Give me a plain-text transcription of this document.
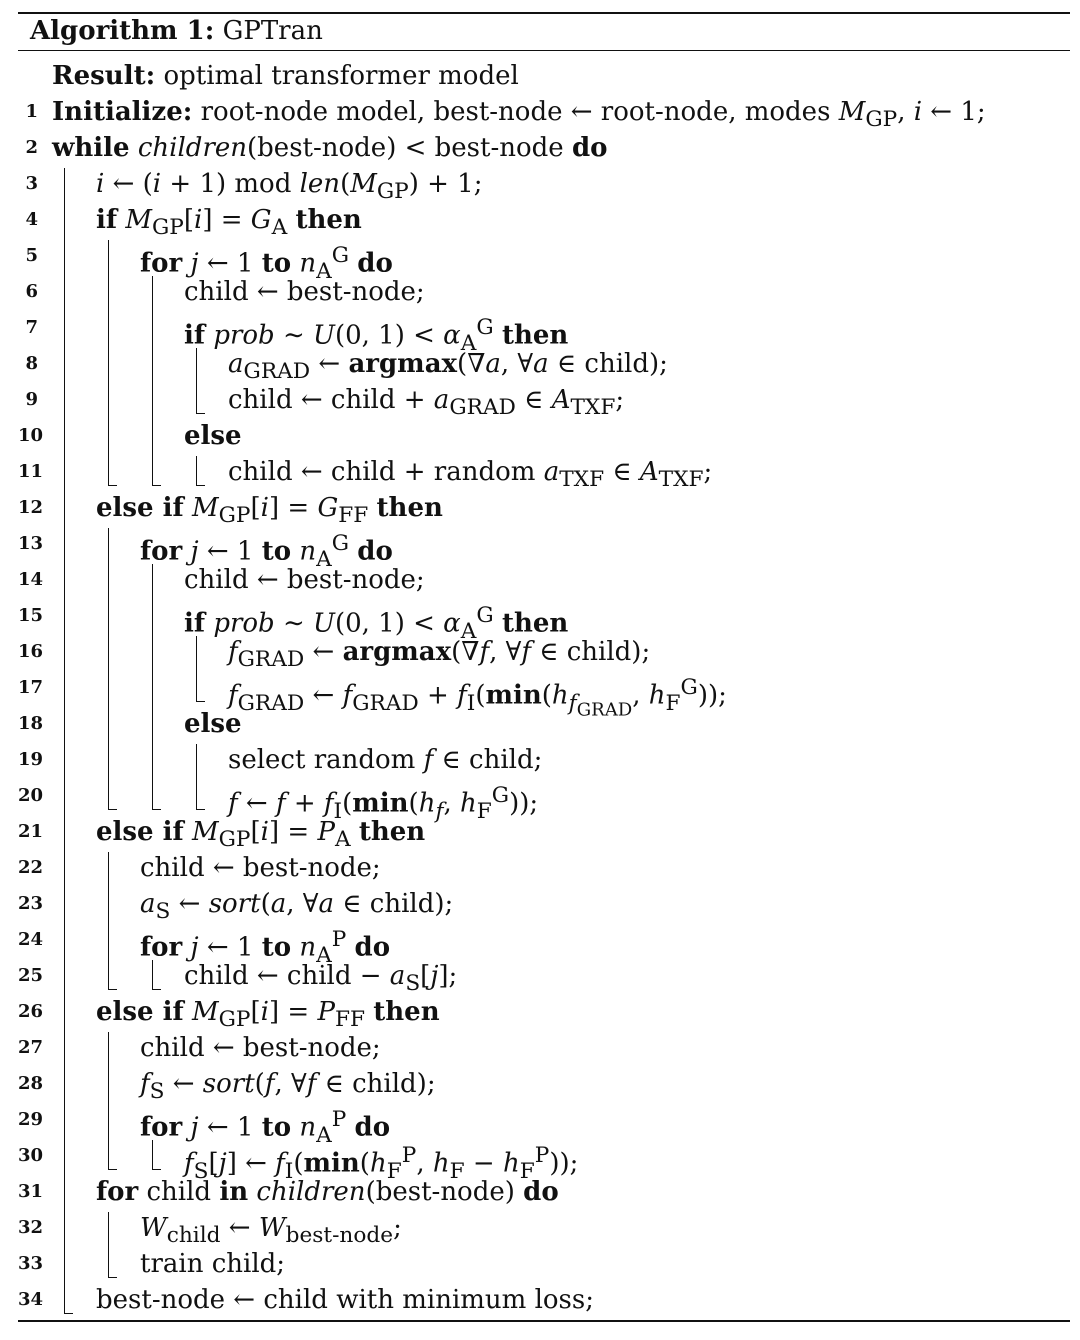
Algorithm 1: GPTran
Result: optimal transformer model
1 Initialize: root-node model, best-node ← root-node, modes $M_{GP}$, i ← 1;
2 while children(best-node) < best-node do
3 i ← (i + 1) mod $len(M_{GP}) + 1$;
4 if $M_{GP}[i] = G_A$ then
5	for j ← 1 to $n_A^G$ do
6	child ← best-node;
7	if prob ∼ U(0, $1) < \alpha_A^G$ then
8	$a_{GRAD}$ ← argmax(∇a, ∀a ∈ child);
9	child ← child + $a_{GRAD}$ ∈ $A_{TXF}$;
10	else
11	child ← child + random $a_{TXF}$ ∈ $A_{TXF}$;
12 else if $M_{GP}[i] = G_{FF}$ then
13	for j ← 1 to $n_A^G$ do
14	child ← best-node;
15	if prob ∼ U(0, $1) < \alpha_A^G$ then
16	$f_{GRAD}$ ← argmax(∇f, ∀f ∈ child);
17	$f_{GRAD}$ ← $f_{GRAD} + f_I(\min(h_{f_{GRAD}}$, $h_F^G$));
18	else
19	select random f ∈ child;
20	f ← $f + f_I(\min(h_f$, $h_F^G$));
21 else if $M_{GP}[i] = P_A$ then
22	child ← best-node;
23	$a_S$ ← sort(a, ∀a ∈ child);
24	for j ← 1 to $n_A^P$ do
25	child ← child − $a_S[j]$;
26 else if $M_{GP}[i] = P_{FF}$ then
27	child ← best-node;
28	$f_S$ ← sort(f, ∀f ∈ child);
29	for j ← 1 to $n_A^P$ do
30	$f_S[j]$ ← $f_I(\min(h_F^P$, $h_F - h_F^P$));
31 for child in children(best-node) do
32	$W_{child}$ ← $W_{best-node}$;
33	train child;
34 best-node ← child with minimum loss;
